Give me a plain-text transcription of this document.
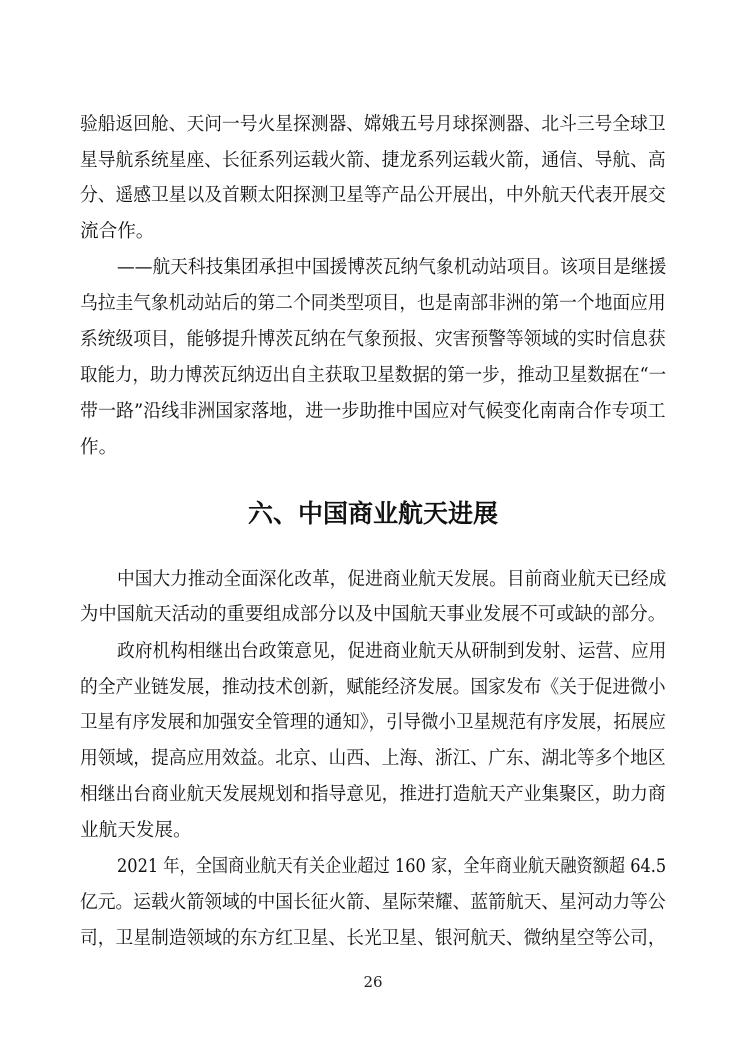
验船返回舱、天问一号火星探测器、嫦娥五号月球探测器、北斗三号全球卫
星导航系统星座、长征系列运载火箭、捷龙系列运载火箭，通信、导航、高
分、遥感卫星以及首颗太阳探测卫星等产品公开展出，中外航天代表开展交
流合作。
——航天科技集团承担中国援博茨瓦纳气象机动站项目。该项目是继援
乌拉圭气象机动站后的第二个同类型项目，也是南部非洲的第一个地面应用
系统级项目，能够提升博茨瓦纳在气象预报、灾害预警等领域的实时信息获
取能力，助力博茨瓦纳迈出自主获取卫星数据的第一步，推动卫星数据在“一
带一路”沿线非洲国家落地，进一步助推中国应对气候变化南南合作专项工
作。
六、中国商业航天进展
中国大力推动全面深化改革，促进商业航天发展。目前商业航天已经成
为中国航天活动的重要组成部分以及中国航天事业发展不可或缺的部分。
政府机构相继出台政策意见，促进商业航天从研制到发射、运营、应用
的全产业链发展，推动技术创新，赋能经济发展。国家发布《关于促进微小
卫星有序发展和加强安全管理的通知》，引导微小卫星规范有序发展，拓展应
用领域，提高应用效益。北京、山西、上海、浙江、广东、湖北等多个地区
相继出台商业航天发展规划和指导意见，推进打造航天产业集聚区，助力商
业航天发展。
2021 年，全国商业航天有关企业超过 160 家，全年商业航天融资额超 64.5
亿元。运载火箭领域的中国长征火箭、星际荣耀、蓝箭航天、星河动力等公
司，卫星制造领域的东方红卫星、长光卫星、银河航天、微纳星空等公司，
26
